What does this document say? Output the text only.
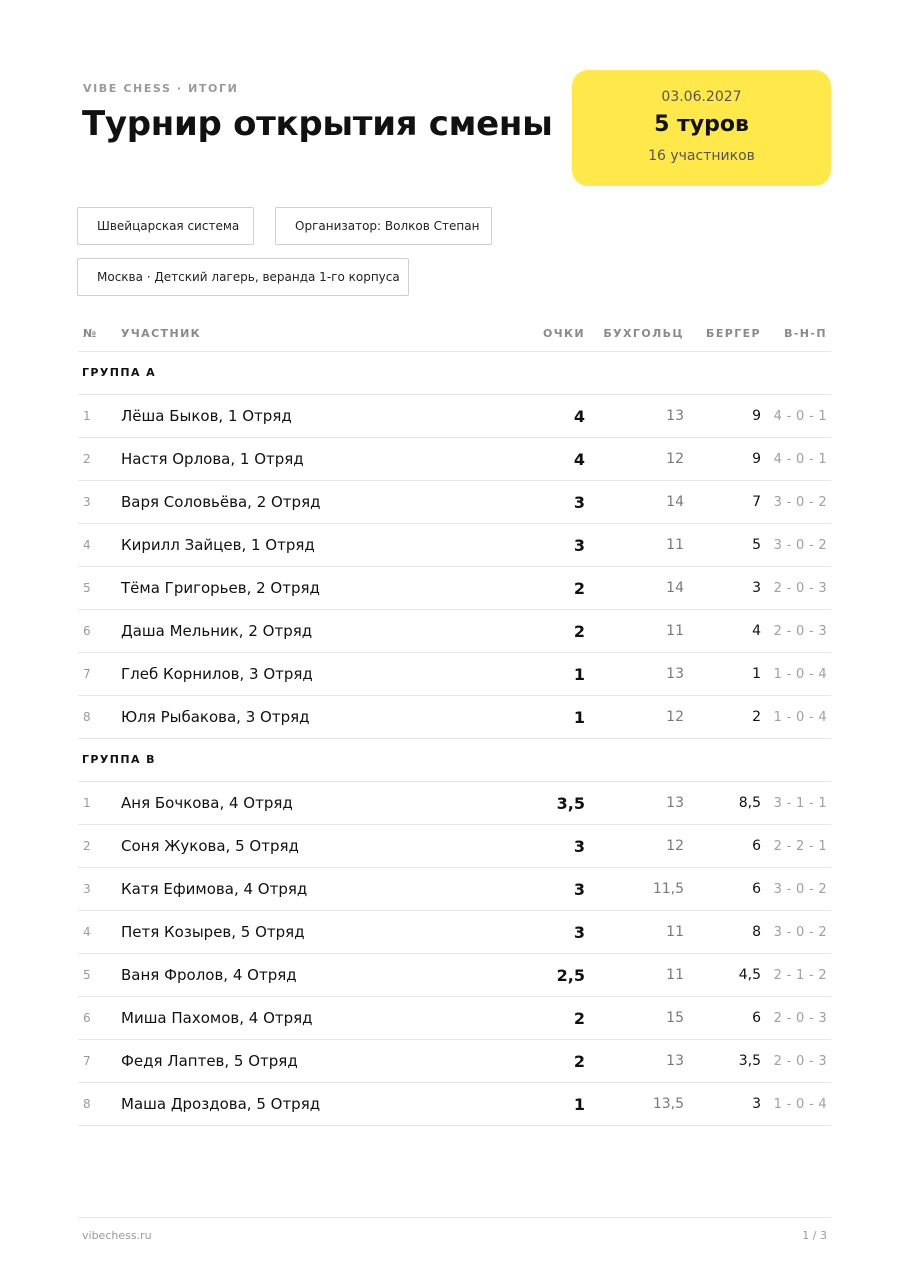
VIBE CHESS · ИТОГИ
Турнир открытия смены
03.06.2027
5 туров
16 участников
Швейцарская система	Организатор: Волков Степан
Москва · Детский лагерь, веранда 1-го корпуса
№ УЧАСТНИК	ОЧКИ БУХГОЛЬЦ БЕРГЕР В-Н-П
ГРУППА А
1 Лёша Быков, 1 Отряд	4	13	9 4 - 0 - 1
2 Настя Орлова, 1 Отряд	4	12	9 4 - 0 - 1
3 Варя Соловьёва, 2 Отряд	3	14	7 3 - 0 - 2
4 Кирилл Зайцев, 1 Отряд	3	11	5 3 - 0 - 2
5 Тёма Григорьев, 2 Отряд	2	14	3 2 - 0 - 3
6 Даша Мельник, 2 Отряд	2	11	4 2 - 0 - 3
7 Глеб Корнилов, 3 Отряд	1	13	1 1 - 0 - 4
8 Юля Рыбакова, 3 Отряд	1	12	2 1 - 0 - 4
ГРУППА В
1 Аня Бочкова, 4 Отряд	3,5	13	8,5 3 - 1 - 1
2 Соня Жукова, 5 Отряд	3	12	6 2 - 2 - 1
3 Катя Ефимова, 4 Отряд	3	11,5	6 3 - 0 - 2
4 Петя Козырев, 5 Отряд	3	11	8 3 - 0 - 2
5 Ваня Фролов, 4 Отряд	2,5	11	4,5 2 - 1 - 2
6 Миша Пахомов, 4 Отряд	2	15	6 2 - 0 - 3
7 Федя Лаптев, 5 Отряд	2	13	3,5 2 - 0 - 3
8 Маша Дроздова, 5 Отряд	1	13,5	3 1 - 0 - 4
vibechess.ru	1 / 3
